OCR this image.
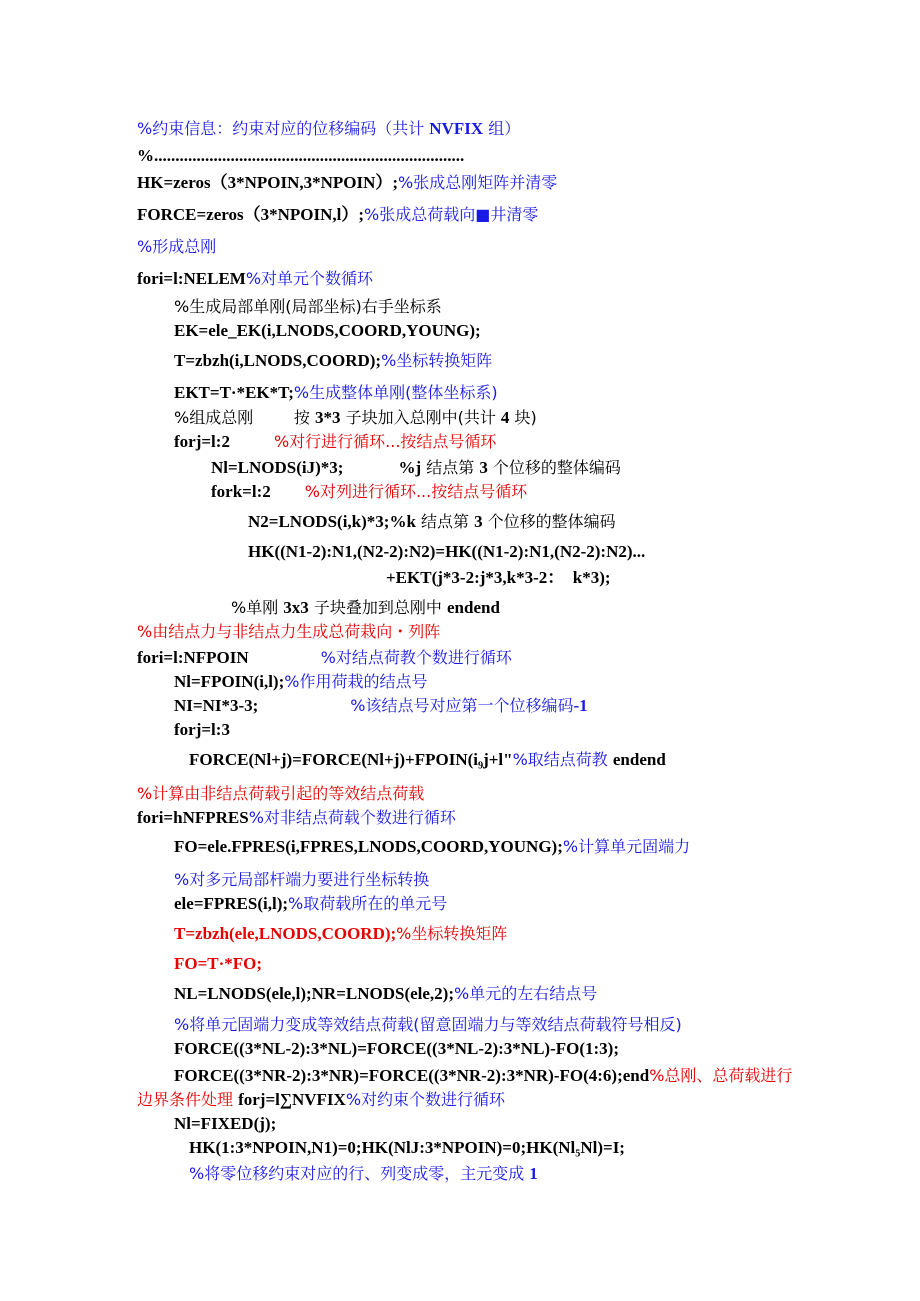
%约束信息：约束对应的位移编码（共计 NVFIX 组）
%.........................................................................
HK=zeros（3*NPOIN,3*NPOIN）;%张成总刚矩阵并清零
FORCE=zeros（3*NPOIN,l）;%张成总荷载向■井清零
%形成总刚
fori=l:NELEM%对单元个数循环
%生成局部单刚(局部坐标)右手坐标系
EK=ele_EK(i,LNODS,COORD,YOUNG);
T=zbzh(i,LNODS,COORD);%坐标转换矩阵
EKT=T·*EK*T;%生成整体单刚(整体坐标系)
%组成总刚        按 3*3 子块加入总刚中(共计 4 块)
forj=l:2	%对行进行循环...按结点号循环
Nl=LNODS(iJ)*3;	%j 结点第 3 个位移的整体编码
fork=l:2 %对列进行循环...按结点号循环
N2=LNODS(i,k)*3;%k 结点第 3 个位移的整体编码
HK((N1-2):N1,(N2-2):N2)=HK((N1-2):N1,(N2-2):N2)...
+EKT(j*3-2:j*3,k*3-2：  k*3);
%单刚 3x3 子块叠加到总刚中 endend
%由结点力与非结点力生成总荷栽向・列阵
fori=l:NFPOIN	%对结点荷教个数进行循环
Nl=FPOIN(i,l);%作用荷栽的结点号
NI=NI*3-3;	%该结点号对应第一个位移编码-1
forj=l:3
FORCE(Nl+j)=FORCE(Nl+j)+FPOIN(i₉j+l"%取结点荷教 endend
%计算由非结点荷载引起的等效结点荷载
fori=hNFPRES%对非结点荷载个数进行循环
FO=ele.FPRES(i,FPRES,LNODS,COORD,YOUNG);%计算单元固端力
%对多元局部杆端力要进行坐标转换
ele=FPRES(i,l);%取荷载所在的单元号
T=zbzh(ele,LNODS,COORD);%坐标转换矩阵
FO=T·*FO;
NL=LNODS(ele,l);NR=LNODS(ele,2);%单元的左右结点号
%将单元固端力变成等效结点荷载(留意固端力与等效结点荷载符号相反)
FORCE((3*NL-2):3*NL)=FORCE((3*NL-2):3*NL)-FO(1:3);
FORCE((3*NR-2):3*NR)=FORCE((3*NR-2):3*NR)-FO(4:6);end%总刚、总荷载进行
边界条件处理 forj=l∑NVFIX%对约束个数进行循环
Nl=FIXED(j);
HK(1:3*NPOIN,N1)=0;HK(NlJ:3*NPOIN)=0;HK(Nl₅Nl)=I;
%将零位移约束对应的行、列变成零，主元变成 1
